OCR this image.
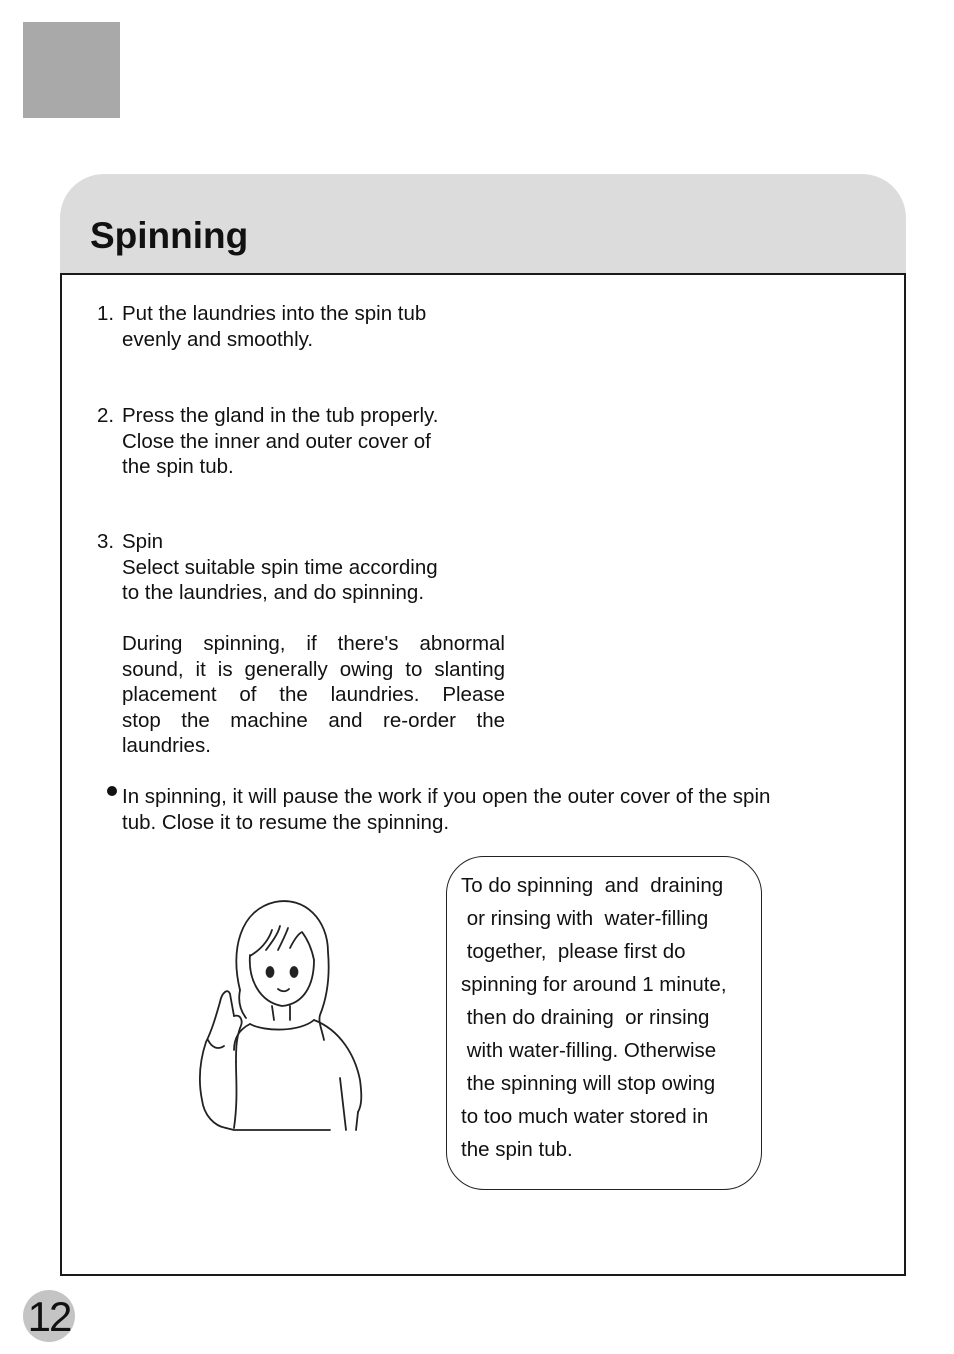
Spinning
1. Put the laundries into the spin tub
evenly and smoothly.
2. Press the gland in the tub properly.
Close the inner and outer cover of
the spin tub.
3. Spin
Select suitable spin time according
to the laundries, and do spinning.
During spinning, if there's abnormal
sound, it is generally owing to slanting
placement of the laundries. Please
stop the machine and re-order the
laundries.
In spinning, it will pause the work if you open the outer cover of the spin
tub. Close it to resume the spinning.
To do spinning  and  draining
or rinsing with  water-filling
together,  please first do
spinning for around 1 minute,
then do draining  or rinsing
with water-filling. Otherwise
the spinning will stop owing
to too much water stored in
the spin tub.
12
